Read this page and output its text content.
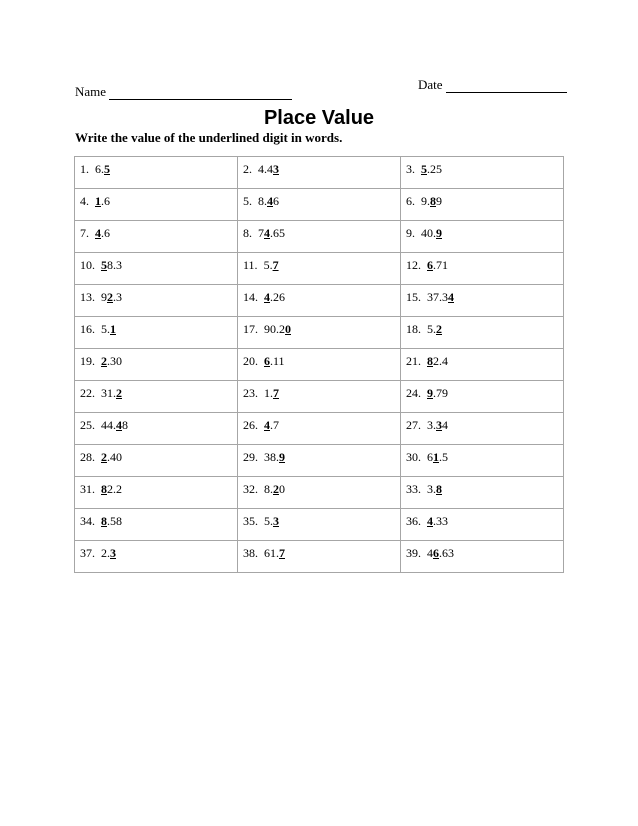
Name	Date
Place Value
Write the value of the underlined digit in words.
1. 6.5	2. 4.43	3. 5.25
4. 1.6	5. 8.46	6. 9.89
7. 4.6	8. 74.65	9. 40.9
10. 58.3	11. 5.7	12. 6.71
13. 92.3	14. 4.26	15. 37.34
16. 5.1	17. 90.20	18. 5.2
19. 2.30	20. 6.11	21. 82.4
22. 31.2	23. 1.7	24. 9.79
25. 44.48	26. 4.7	27. 3.34
28. 2.40	29. 38.9	30. 61.5
31. 82.2	32. 8.20	33. 3.8
34. 8.58	35. 5.3	36. 4.33
37. 2.3	38. 61.7	39. 46.63
